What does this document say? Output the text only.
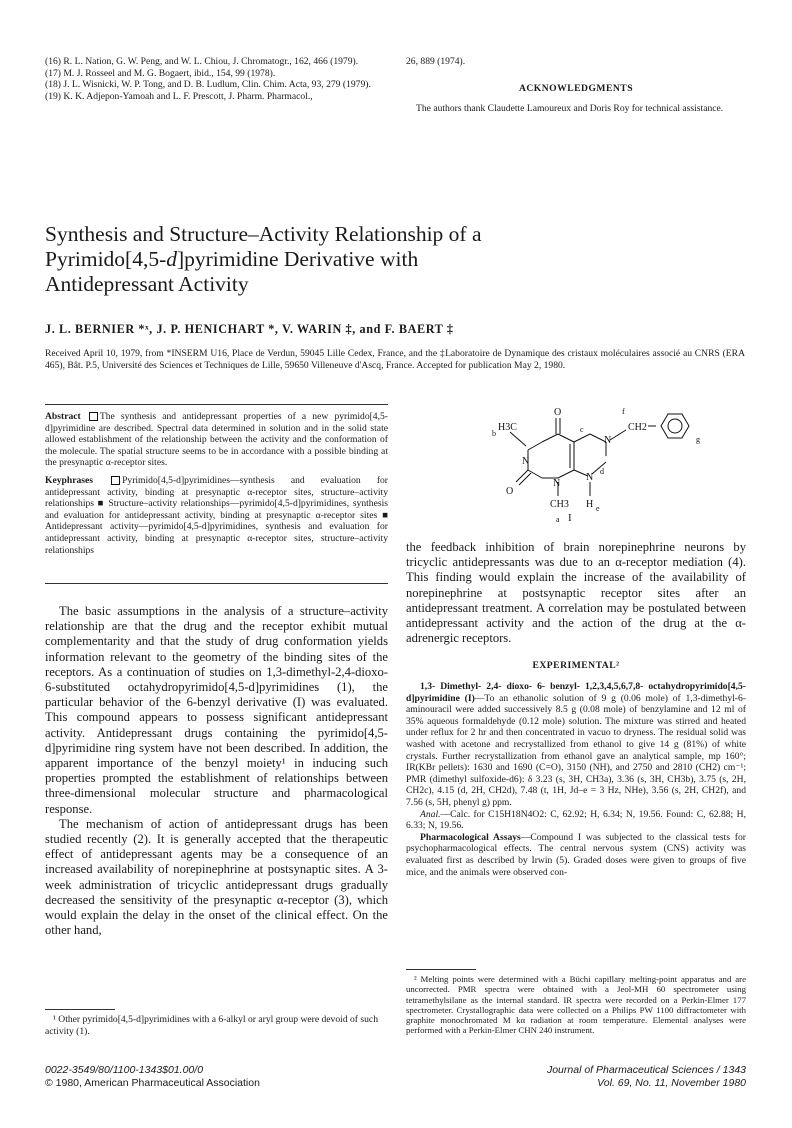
(16) R. L. Nation, G. W. Peng, and W. L. Chiou, J. Chromatogr., 162, 466 (1979).

(17) M. J. Rosseel and M. G. Bogaert, ibid., 154, 99 (1978).

(18) J. L. Wisnicki, W. P. Tong, and D. B. Ludlum, Clin. Chim. Acta, 93, 279 (1979).

(19) K. K. Adjepon-Yamoah and L. F. Prescott, J. Pharm. Pharmacol.,

26, 889 (1974).
ACKNOWLEDGMENTS
The authors thank Claudette Lamoureux and Doris Roy for technical assistance.
Synthesis and Structure–Activity Relationship of a
Pyrimido[4,5-d]pyrimidine Derivative with
Antidepressant Activity
J. L. BERNIER *ˣ, J. P. HENICHART *, V. WARIN ‡, and F. BAERT ‡
Received April 10, 1979, from *INSERM U16, Place de Verdun, 59045 Lille Cedex, France, and the ‡Laboratoire de Dynamique des cristaux moléculaires associé au CNRS (ERA 465), Bât. P.5, Université des Sciences et Techniques de Lille, 59650 Villeneuve d'Ascq, France. Accepted for publication May 2, 1980.

Abstract The synthesis and antidepressant properties of a new pyrimido[4,5-d]pyrimidine are described. Spectral data determined in solution and in the solid state allowed establishment of the relationship between the activity and the conformation of the molecule. The spatial structure seems to be in accordance with a possible binding at the presynaptic α-receptor sites.

Keyphrases	Pyrimido[4,5-d]pyrimidines—synthesis and evaluation for antidepressant activity, binding at presynaptic α-receptor sites, structure–activity relationships ■ Structure–activity relationships—pyrimido[4,5-d]pyrimidines, synthesis and evaluation for antidepressant activity, binding at presynaptic α-receptor sites ■ Antidepressant activity—pyrimido[4,5-d]pyrimidines, synthesis and evaluation for antidepressant activity, binding at presynaptic α-receptor sites, structure–activity relationships

b
H3C
N
O
c
N
f
CH2
g
O
N
N
d
CH3 H e
a I

The basic assumptions in the analysis of a structure–activity relationship are that the drug and the receptor exhibit mutual complementarity and that the study of drug conformation yields information relevant to the geometry of the binding sites of the receptors. As a continuation of studies on 1,3-dimethyl-2,4-dioxo-6-substituted octahydropyrimido[4,5-d]pyrimidines (1), the particular behavior of the 6-benzyl derivative (I) was evaluated. This compound appears to possess significant antidepressant activity. Antidepressant drugs containing the pyrimido[4,5-d]pyrimidine ring system have not been described. In addition, the apparent importance of the benzyl moiety¹ in inducing such properties prompted the establishment of relationships between three-dimensional molecular structure and pharmacological response.

The mechanism of action of antidepressant drugs has been studied recently (2). It is generally accepted that the therapeutic effect of antidepressant agents may be a consequence of an increased availability of norepinephrine at postsynaptic sites. A 3-week administration of tricyclic antidepressant drugs gradually decreased the sensitivity of the presynaptic α-receptor (3), which would explain the delay in the onset of the clinical effect. On the other hand,

¹ Other pyrimido[4,5-d]pyrimidines with a 6-alkyl or aryl group were devoid of such activity (1).
the feedback inhibition of brain norepinephrine neurons by tricyclic antidepressants was due to an α-receptor mediation (4). This finding would explain the increase of the availability of norepinephrine at postsynaptic receptor sites after an antidepressant treatment. A correlation may be postulated between antidepressant activity and the action of the drug at the α-adrenergic receptors.
EXPERIMENTAL²

1,3- Dimethyl- 2,4- dioxo- 6- benzyl- 1,2,3,4,5,6,7,8- octahydropyrimido[4,5-d]pyrimidine (I)—To an ethanolic solution of 9 g (0.06 mole) of 1,3-dimethyl-6-aminouracil were added successively 8.5 g (0.08 mole) of benzylamine and 12 ml of 35% aqueous formaldehyde (0.12 mole) solution. The mixture was stirred and heated under reflux for 2 hr and then concentrated in vacuo to dryness. The residual solid was washed with acetone and recrystallized from ethanol to give 14 g (81%) of white crystals. Further recrystallization from ethanol gave an analytical sample, mp 160°; IR(KBr pellets): 1630 and 1690 (C=O), 3150 (NH), and 2750 and 2810 (CH2) cm⁻¹; PMR (dimethyl sulfoxide-d6): δ 3.23 (s, 3H, CH3a), 3.36 (s, 3H, CH3b), 3.75 (s, 2H, CH2c), 4.15 (d, 2H, CH2d), 7.48 (t, 1H, Jd–e = 3 Hz, NHe), 3.56 (s, 2H, CH2f), and 7.56 (s, 5H, phenyl g) ppm.

Anal.—Calc. for C15H18N4O2: C, 62.92; H, 6.34; N, 19.56. Found: C, 62.88; H, 6.33; N, 19.56.

Pharmacological Assays—Compound I was subjected to the classical tests for psychopharmacological effects. The central nervous system (CNS) activity was evaluated first as described by Irwin (5). Graded doses were given to groups of five mice, and the animals were observed con-

² Melting points were determined with a Büchi capillary melting-point apparatus and are uncorrected. PMR spectra were obtained with a Jeol-MH 60 spectrometer using tetramethylsilane as the internal standard. IR spectra were recorded on a Perkin-Elmer 177 spectrometer. Crystallographic data were collected on a Philips PW 1100 diffractometer with graphite monochromated M kα radiation at room temperature. Elemental analyses were performed with a Perkin-Elmer CHN 240 instrument.
0022-3549/80/1100-1343$01.00/0
© 1980, American Pharmaceutical Association
Journal of Pharmaceutical Sciences / 1343
Vol. 69, No. 11, November 1980
